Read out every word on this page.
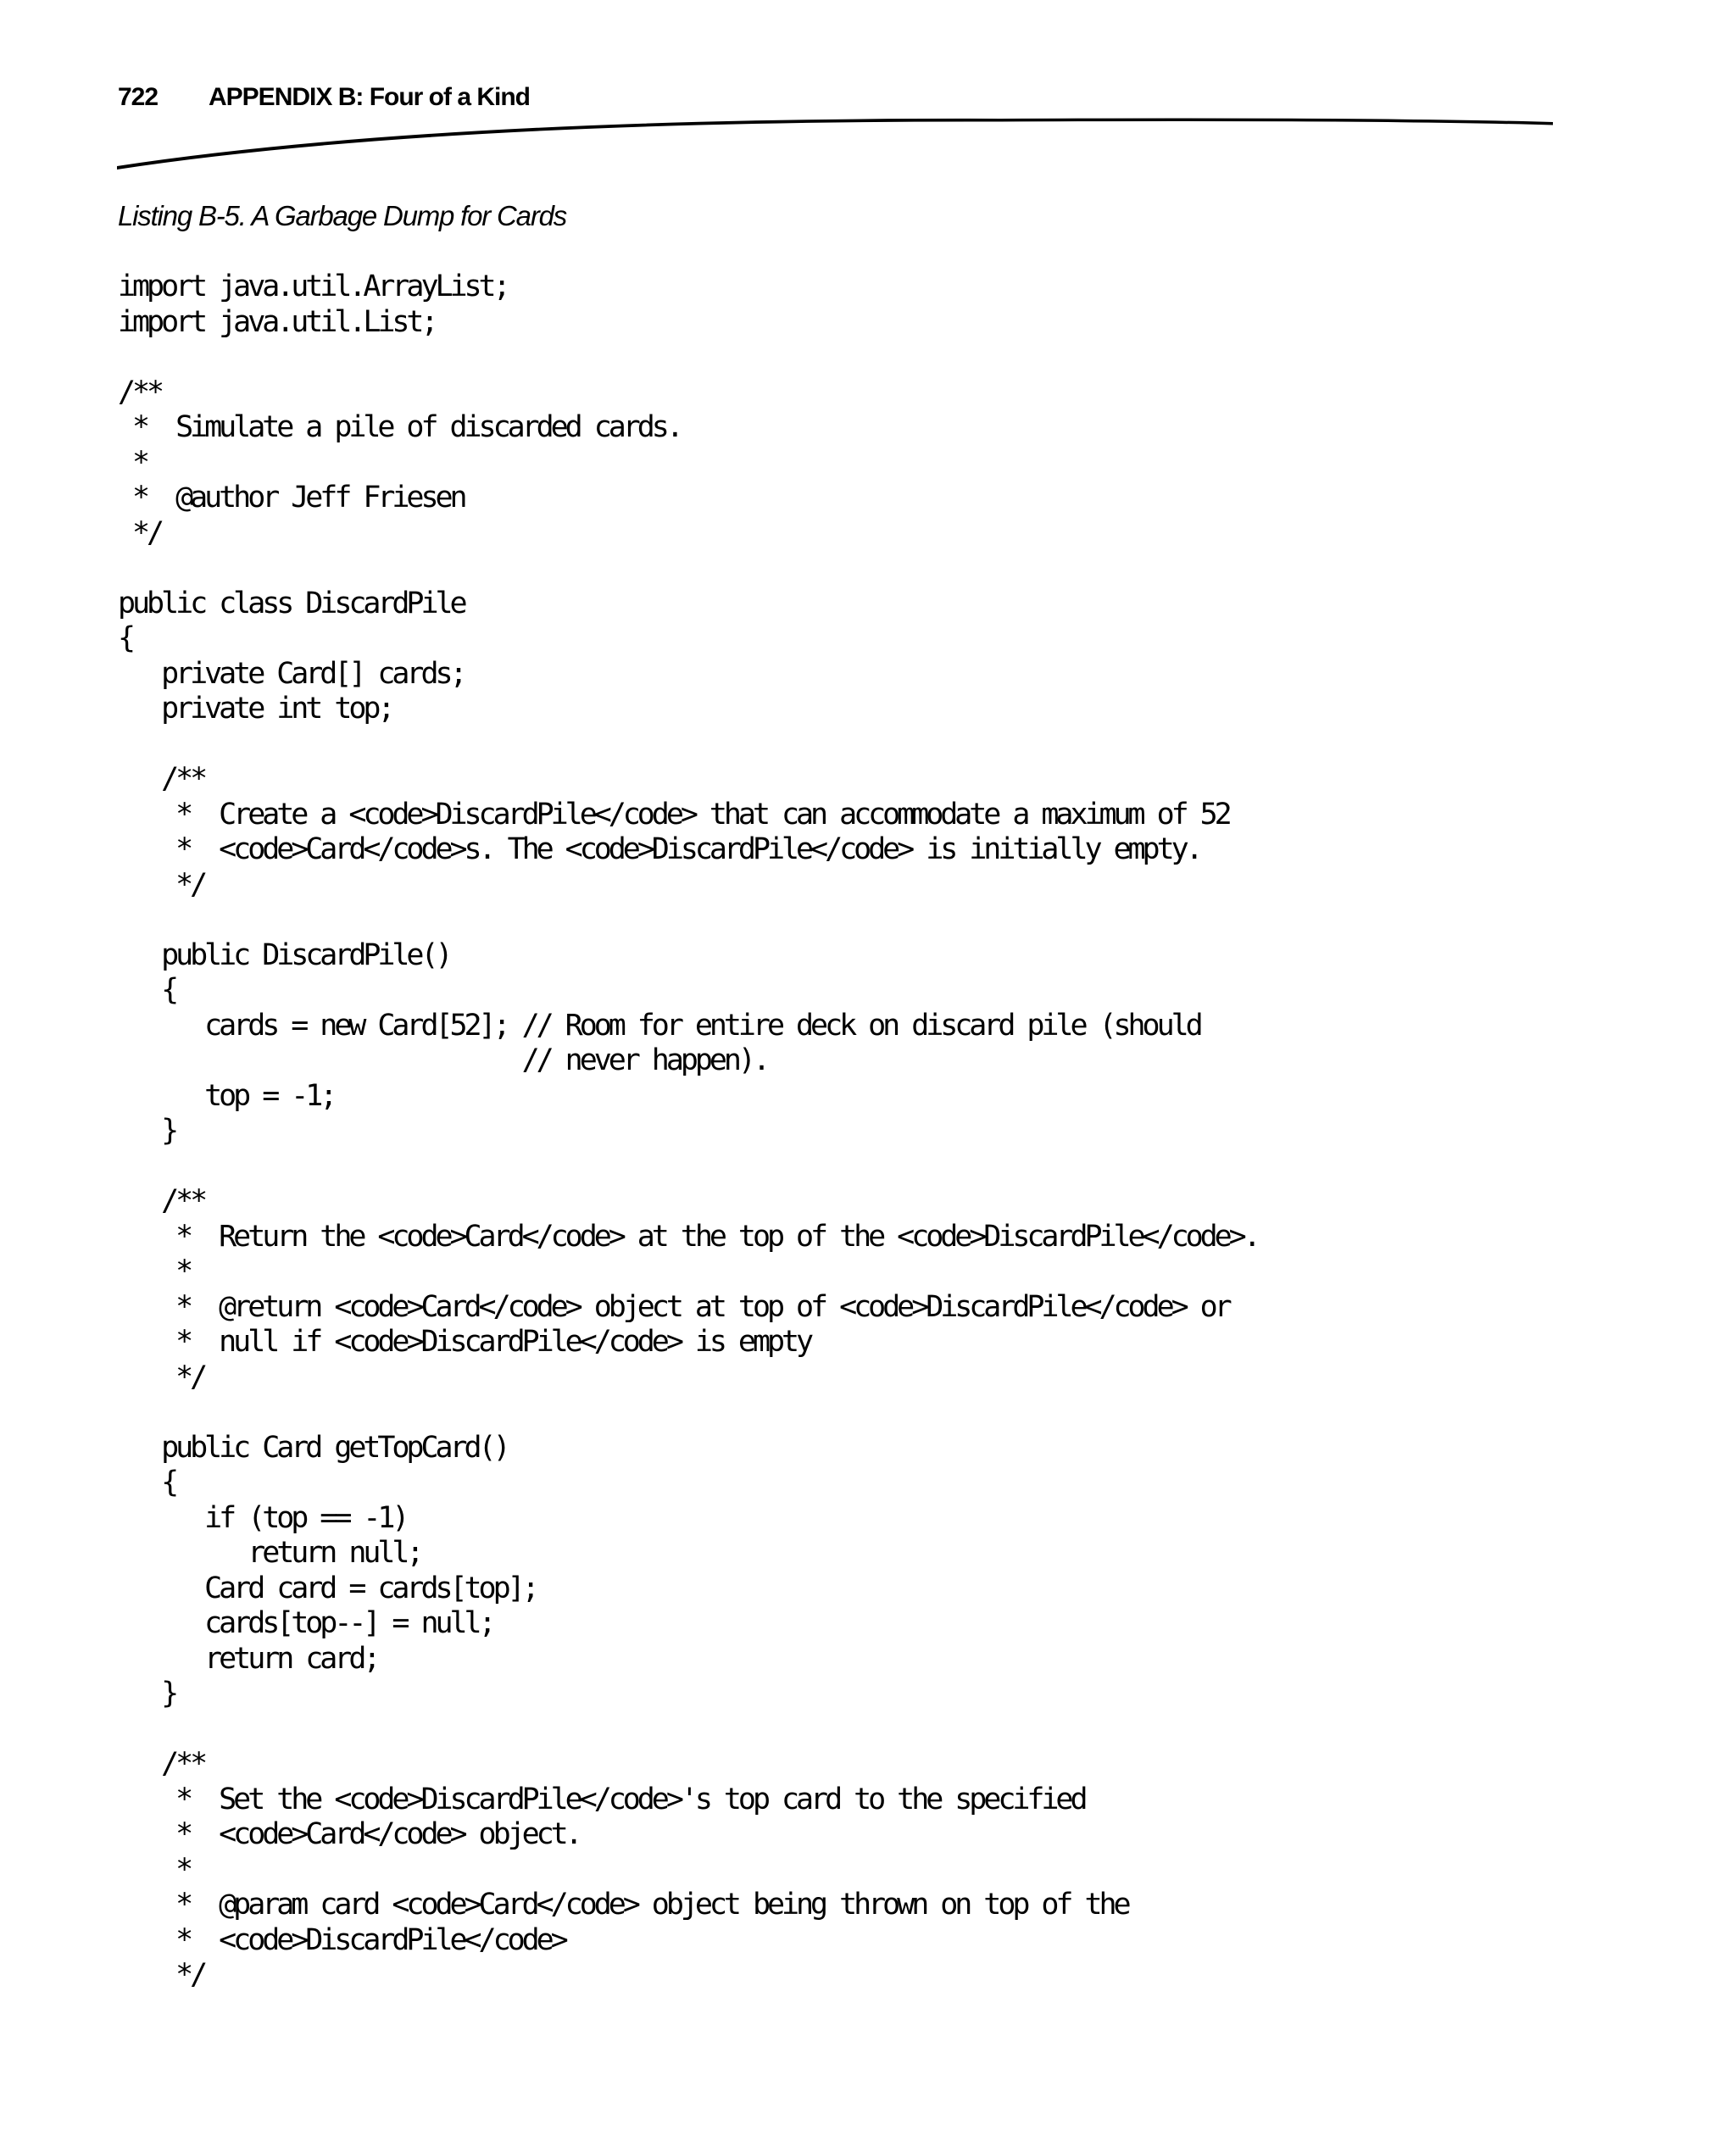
722 APPENDIX B: Four of a Kind
Listing B-5. A Garbage Dump for Cards
import java.util.ArrayList;
import java.util.List;
/**
*  Simulate a pile of discarded cards.
*
*  @author Jeff Friesen
*/
public class DiscardPile
{
private Card[] cards;
private int top;
/**
*  Create a <code>DiscardPile</code> that can accommodate a maximum of 52
*  <code>Card</code>s. The <code>DiscardPile</code> is initially empty.
*/
public DiscardPile()
{
cards = new Card[52]; // Room for entire deck on discard pile (should
// never happen).
top = -1;
}
/**
*  Return the <code>Card</code> at the top of the <code>DiscardPile</code>.
*
*  @return <code>Card</code> object at top of <code>DiscardPile</code> or
*  null if <code>DiscardPile</code> is empty
*/
public Card getTopCard()
{
if (top == -1)
return null;
Card card = cards[top];
cards[top--] = null;
return card;
}
/**
*  Set the <code>DiscardPile</code>'s top card to the specified
*  <code>Card</code> object.
*
*  @param card <code>Card</code> object being thrown on top of the
*  <code>DiscardPile</code>
*/
